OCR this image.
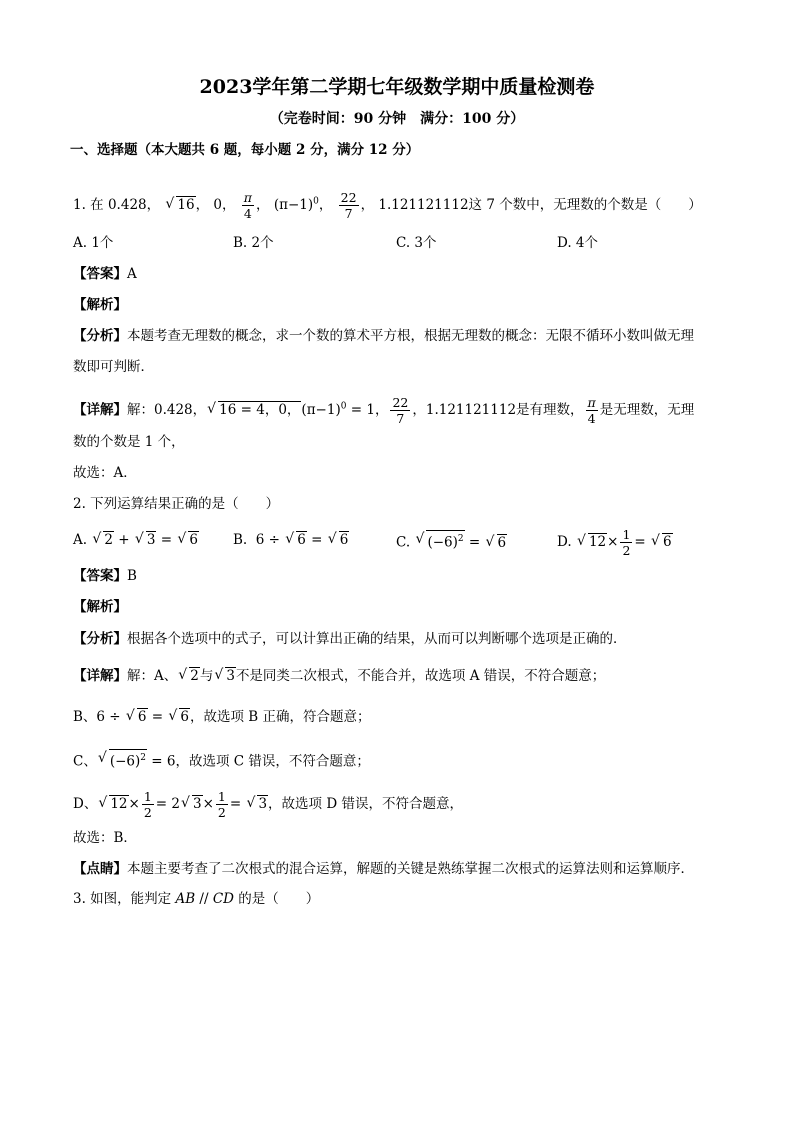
2023学年第二学期七年级数学期中质量检测卷
（完卷时间：90 分钟　满分：100 分）
一、选择题（本大题共 6 题，每小题 2 分，满分 12 分）
1. 在 0.428， √ 16， 0， $\frac{\pi}{4}$ ， $(\pi-1)^0$， $\frac{22}{7}$ ， 1.121121112这 7 个数中，无理数的个数是（　　）
A. 1个	B. 2个	C. 3个	D. 4个
【答案】A
【解析】
【分析】本题考查无理数的概念，求一个数的算术平方根，根据无理数的概念：无限不循环小数叫做无理
数即可判断．
【详解】解：0.428，√ 16 = 4，0，$(\pi-1)^0 = 1$， $\frac{22}{7}$ ，1.121121112是有理数， $\frac{\pi}{4}$ 是无理数，无理
数的个数是 1 个，
故选：A．
2. 下列运算结果正确的是（　　）
A. √ 2 + √ 3 = √ 6	B.  6 ÷ √ 6 = √ 6	C. √ $(-6)^2$ = √ 6	D. √ $12\times \frac{1}{2}$ = √ 6
【答案】B
【解析】
【分析】根据各个选项中的式子，可以计算出正确的结果，从而可以判断哪个选项是正确的．
【详解】解：A、√ 2与√ 3不是同类二次根式，不能合并，故选项 A 错误，不符合题意；
B、6 ÷ √ 6 = √ 6，故选项 B 正确，符合题意；
C、√ $(-6)^2 = 6$，故选项 C 错误，不符合题意；
D、√ $12\times \frac{1}{2} = 2√$ $3\times \frac{1}{2}$ = √ 3，故选项 D 错误，不符合题意，
故选：B．
【点睛】本题主要考查了二次根式的混合运算，解题的关键是熟练掌握二次根式的运算法则和运算顺序．
3. 如图，能判定 AB // CD 的是（　　）
